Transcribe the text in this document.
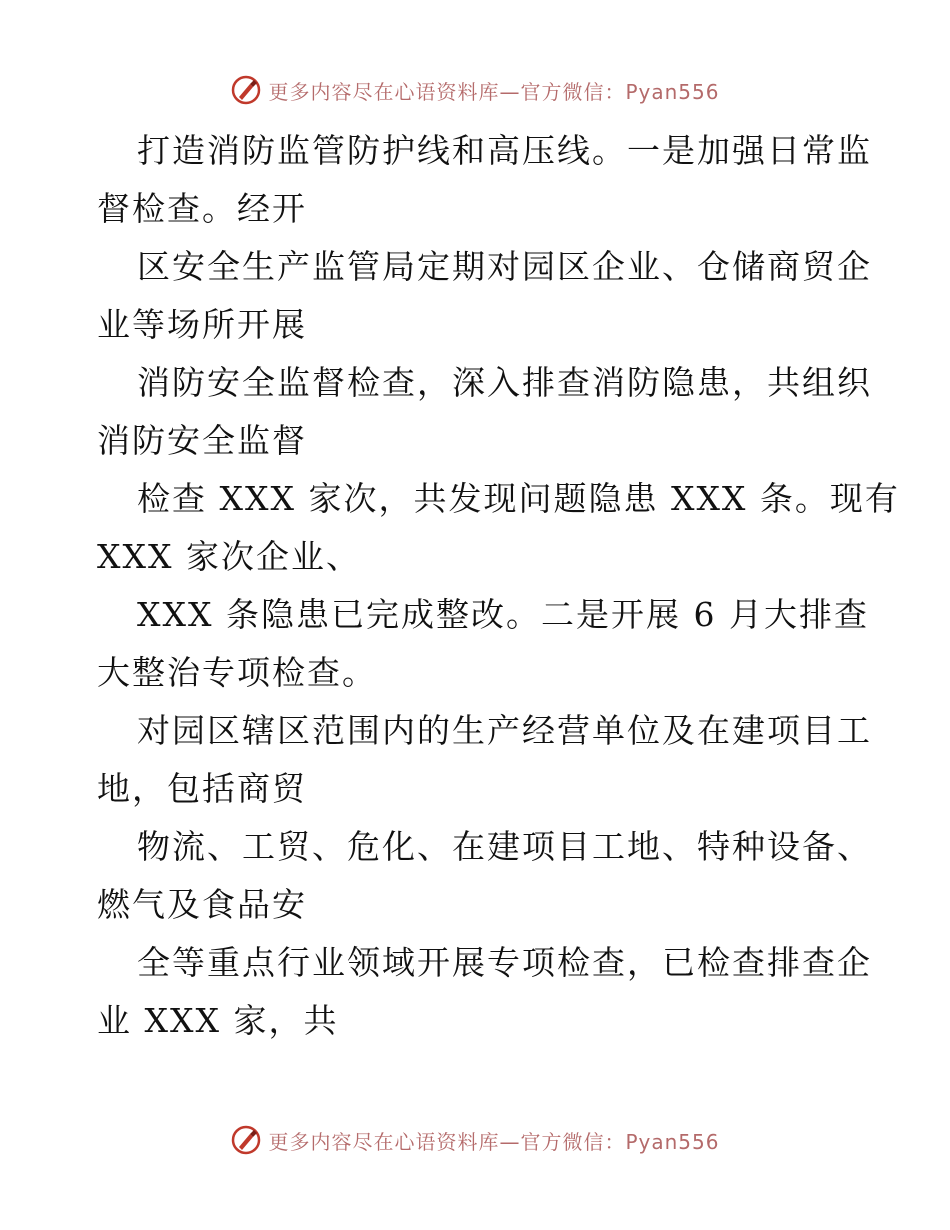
更多内容尽在心语资料库—官方微信：Pyan556

打造消防监管防护线和高压线。一是加强日常监

督检查。经开

区安全生产监管局定期对园区企业、仓储商贸企

业等场所开展

消防安全监督检查，深入排查消防隐患，共组织

消防安全监督

检查 XXX 家次，共发现问题隐患 XXX 条。现有

XXX 家次企业、

XXX 条隐患已完成整改。二是开展 6 月大排查

大整治专项检查。

对园区辖区范围内的生产经营单位及在建项目工

地，包括商贸

物流、工贸、危化、在建项目工地、特种设备、

燃气及食品安

全等重点行业领域开展专项检查，已检查排查企

业 XXX 家，共

更多内容尽在心语资料库—官方微信：Pyan556
